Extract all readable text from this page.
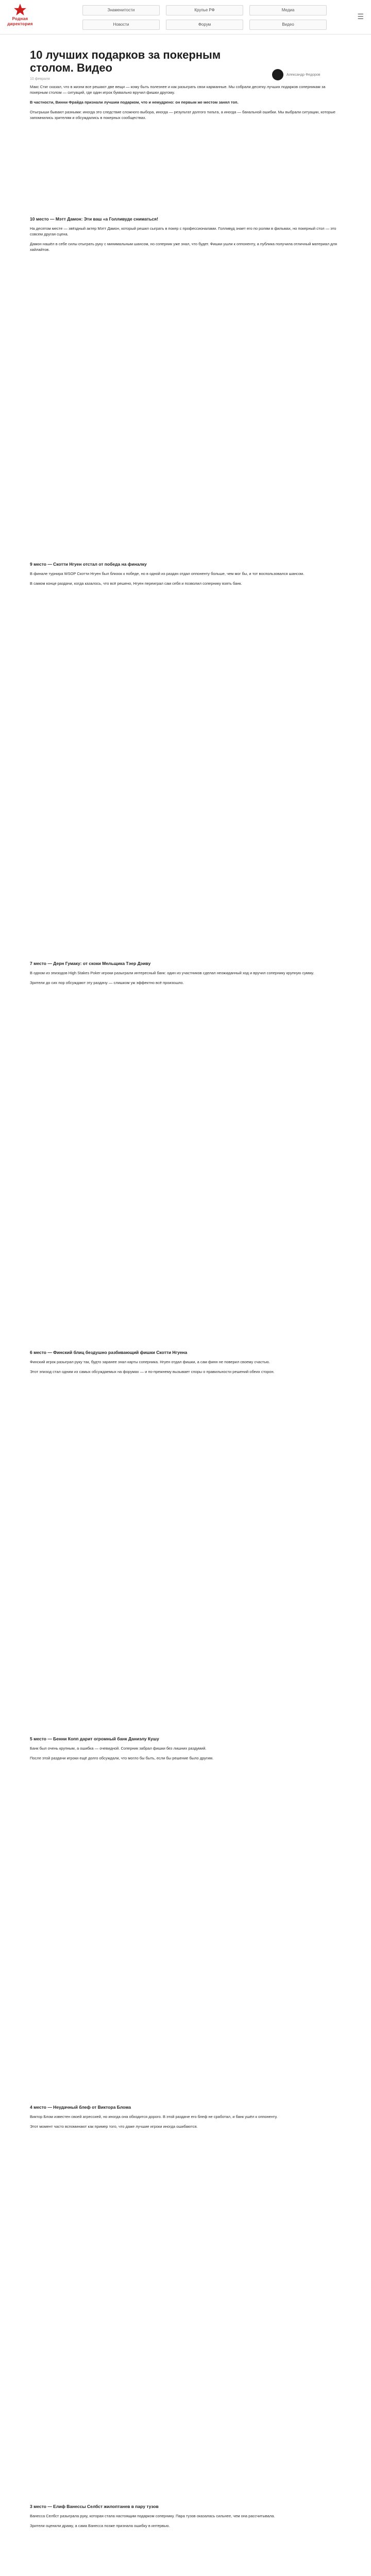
Родная директория
Знаменитости	Крупье РФ	Медиа
Новости	Форум	Видео
☰
10 лучших подарков за покерным столом. Видео
Александр Федоров
10 февраля

Макс Стиг сказал, что в жизни все решают две вещи — кому быть полезнее и как разыграть свои карманные. Мы собрали десятку лучших подарков соперникам за покерным столом — ситуаций, где один игрок буквально вручил фишки другому.

В частности, Винни Фрайда признали лучшим подарком, что и немудрено: он первым же местом занял топ.

Отыгрыши бывают разными: иногда это следствие сложного выбора, иногда — результат долгого тильта, а иногда — банальной ошибки. Мы выбрали ситуации, которые запомнились зрителям и обсуждались в покерных сообществах.

10 место — Мэтт Дамон: Эти ваш «а Голливуде сниматься!

На десятом месте — звёздный актер Мэтт Дамон, который решил сыграть в покер с профессионалами. Голливуд знает его по ролям в фильмах, но покерный стол — это совсем другая сцена.

Дамон нашёл в себе силы отыграть руку с минимальным шансом, но соперник уже знал, что будет. Фишки ушли к оппоненту, а публика получила отличный материал для хайлайтов.

9 место — Скотти Нгуен отстал от победа на финалку

В финале турнира WSOP Скотти Нгуен был близок к победе, но в одной из раздач отдал оппоненту больше, чем мог бы, и тот воспользовался шансом.

В самом конце раздачи, когда казалось, что всё решено, Нгуен переиграл сам себя и позволил сопернику взять банк.

7 место — Дерн Гумаку: от скоки Мельщика Тэер Дэиву

В одном из эпизодов High Stakes Poker игроки разыграли интересный банк: один из участников сделал неожиданный ход и вручил сопернику крупную сумму.

Зрители до сих пор обсуждают эту раздачу — слишком уж эффектно всё произошло.

6 место — Финский блиц бездушно разбивающий фишки Скотти Нгуена

Финский игрок разыграл руку так, будто заранее знал карты соперника. Нгуен отдал фишки, а сам финн не поверил своему счастью.

Этот эпизод стал одним из самых обсуждаемых на форумах — и по-прежнему вызывает споры о правильности решений обеих сторон.

5 место — Бенни Копп дарит огромный банк Даниэлу Кушу

Банк был очень крупным, а ошибка — очевидной. Соперник забрал фишки без лишних раздумий.

После этой раздачи игроки ещё долго обсуждали, что могло бы быть, если бы решение было другим.

4 место — Неудачный блеф от Виктора Блома

Виктор Блом известен своей агрессией, но иногда она обходится дорого. В этой раздаче его блеф не сработал, и банк ушёл к оппоненту.

Этот момент часто вспоминают как пример того, что даже лучшие игроки иногда ошибаются.

3 место — Елиф Ванессы Селбст жилоптанев в пару тузов

Ванесса Селбст разыграла руку, которая стала настоящим подарком сопернику. Пара тузов оказалась сильнее, чем она рассчитывала.

Зрители оценили драму, а сама Ванесса позже признала ошибку в интервью.
